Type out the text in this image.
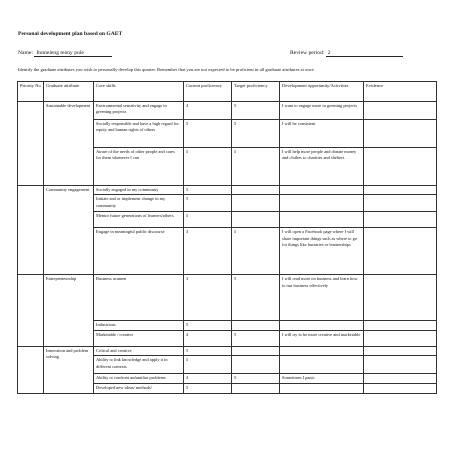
Personal development plan based on GAET
Name: Itumeleng tenny pule	Review period: 2
Identify the graduate attributes you wish to personally develop this quarter. Remember that you are not expected to be proficient in all graduate attributes at once.
Priority No	Graduate attribute	Core skills	Current proficiency	Target proficiency	Development opportunity/Activities	Evidence
	Sustainable development	Environmental sensitivity and engage in greening projects	4	5	I want to engage more in greening projects	
		Socially responsible and have a high regard for equity and human rights of others	5	5	I will be consistent	
		Aware of the needs of other people and cares for them whenever I can	5	5	I will help more people and donate money and clothes to charities and shelters	
	Community engagement	Socially engaged in my community	5			
		Initiate and or implement change in my community	5			
		Mentor future generations of learners/others	5			
		Engage in meaningful public discourse	3	5	I will open a Facebook page where I will share important things such as where to go for things like bursaries or learnerships	
	Entrepreneurship	Business acumen	3	5	I will read more on business and learn how to run business effectively	
		Industrious	5			
		Marketable / creative	4	5	I will try to be more creative and marketable	
	Innovation and problem solving	Critical and creative	5			
		Ability to link knowledge and apply it in different contexts	5			
		Ability to confront unfamiliar problems	4	5	Sometimes I panic	
		Developed new ideas/ methods/	5			
